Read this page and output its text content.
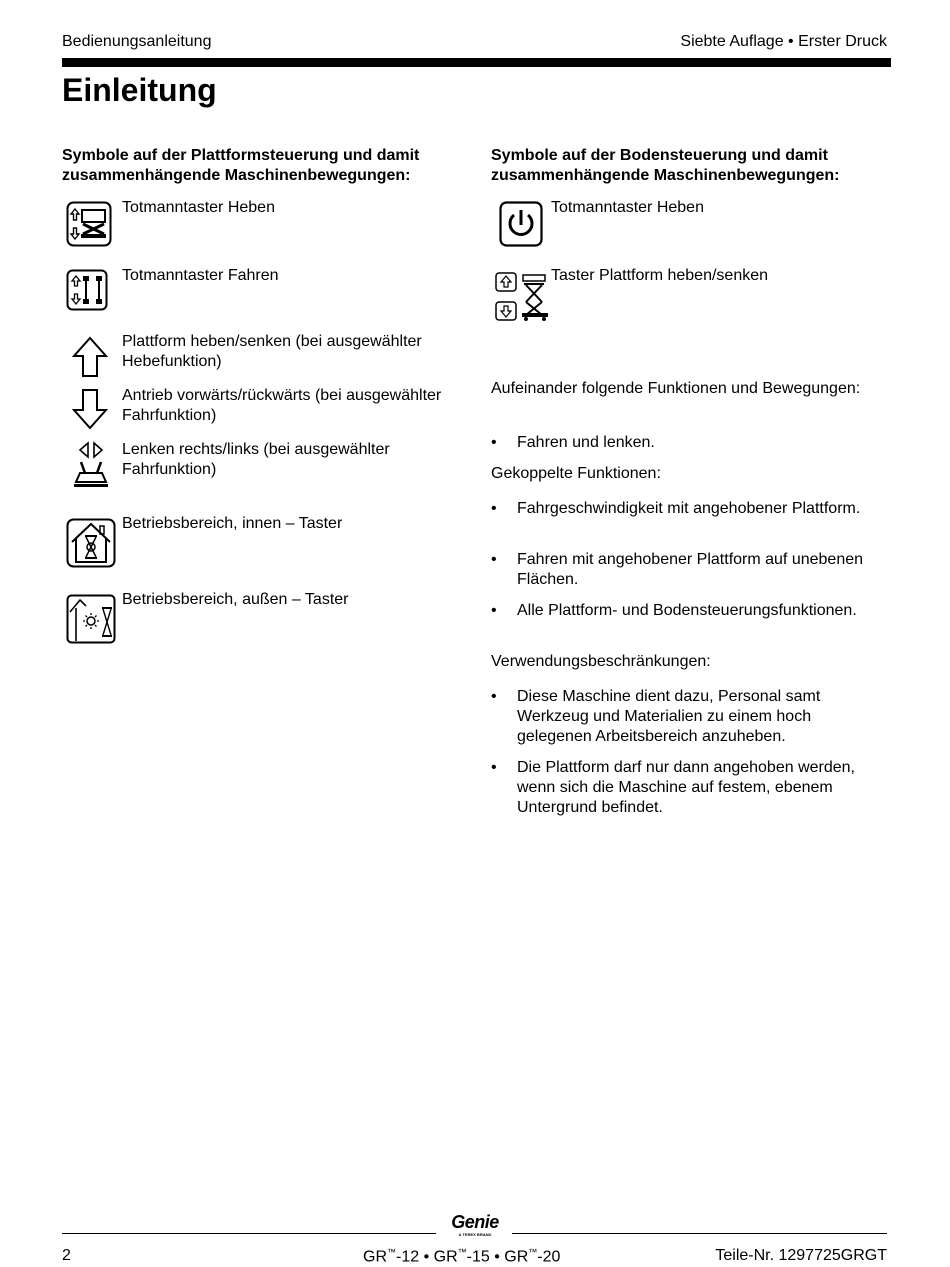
Bedienungsanleitung	Siebte Auflage • Erster Druck
Einleitung

Symbole auf der Plattformsteuerung und damit zusammenhängende Maschinenbewegungen:

Totmanntaster Heben
Totmanntaster Fahren
Plattform heben/senken (bei ausgewählter Hebefunktion)
Antrieb vorwärts/rückwärts (bei ausgewählter Fahrfunktion)
Lenken rechts/links (bei ausgewählter Fahrfunktion)
Betriebsbereich, innen – Taster
Betriebsbereich, außen – Taster

Symbole auf der Bodensteuerung und damit zusammenhängende Maschinenbewegungen:

Totmanntaster Heben
Taster Plattform heben/senken

Aufeinander folgende Funktionen und Bewegungen:

• Fahren und lenken.

Gekoppelte Funktionen:

• Fahrgeschwindigkeit mit angehobener Plattform.
• Fahren mit angehobener Plattform auf unebenen Flächen.
• Alle Plattform- und Bodensteuerungsfunktionen.

Verwendungsbeschränkungen:

• Diese Maschine dient dazu, Personal samt Werkzeug und Materialien zu einem hoch gelegenen Arbeitsbereich anzuheben.
• Die Plattform darf nur dann angehoben werden, wenn sich die Maschine auf festem, ebenem Untergrund befindet.
Genie
A TEREX BRAND
2	GR™-12 • GR™-15 • GR™-20	Teile-Nr. 1297725GRGT
